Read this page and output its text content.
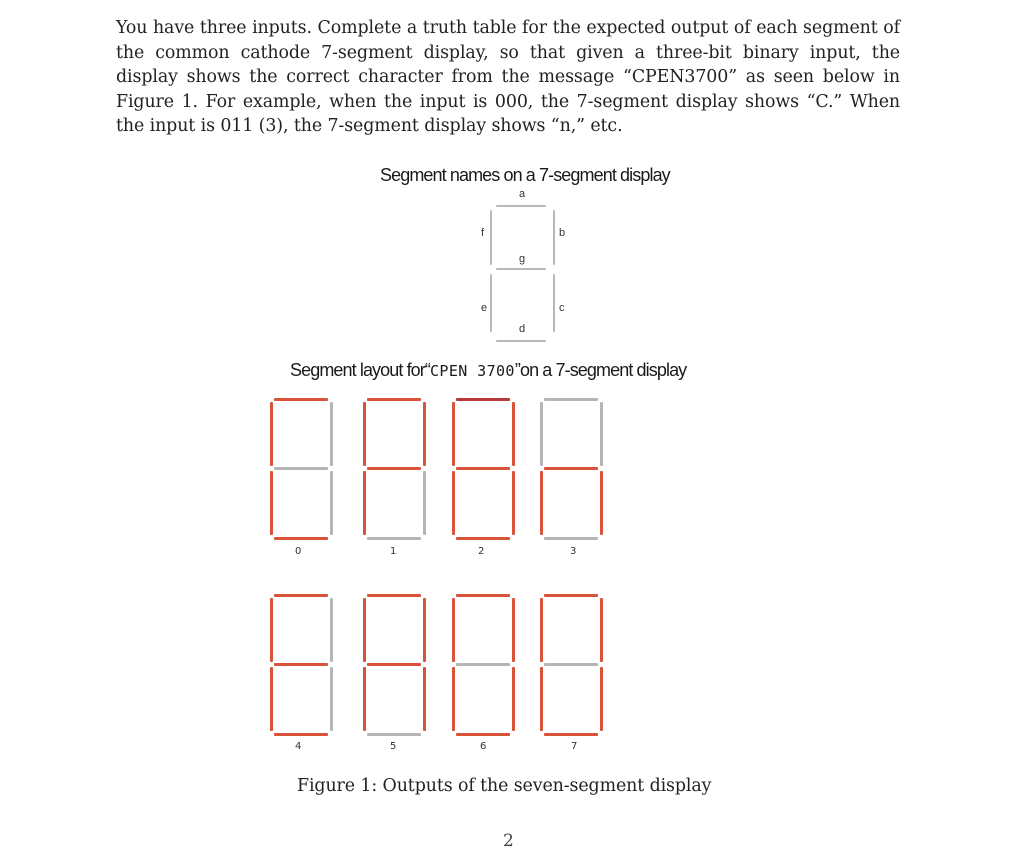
You have three inputs. Complete a truth table for the expected output of each segment of
the common cathode 7-segment display, so that given a three-bit binary input, the
display shows the correct character from the message “CPEN3700” as seen below in
Figure 1. For example, when the input is 000, the 7-segment display shows “C.” When
the input is 011 (3), the 7-segment display shows “n,” etc.
Segment names on a 7-segment display
a
f	b
g
e	c
d
Segment layout for“CPEN 3700”on a 7-segment display
0	1	2	3
4	5	6	7
Figure 1: Outputs of the seven-segment display
2
